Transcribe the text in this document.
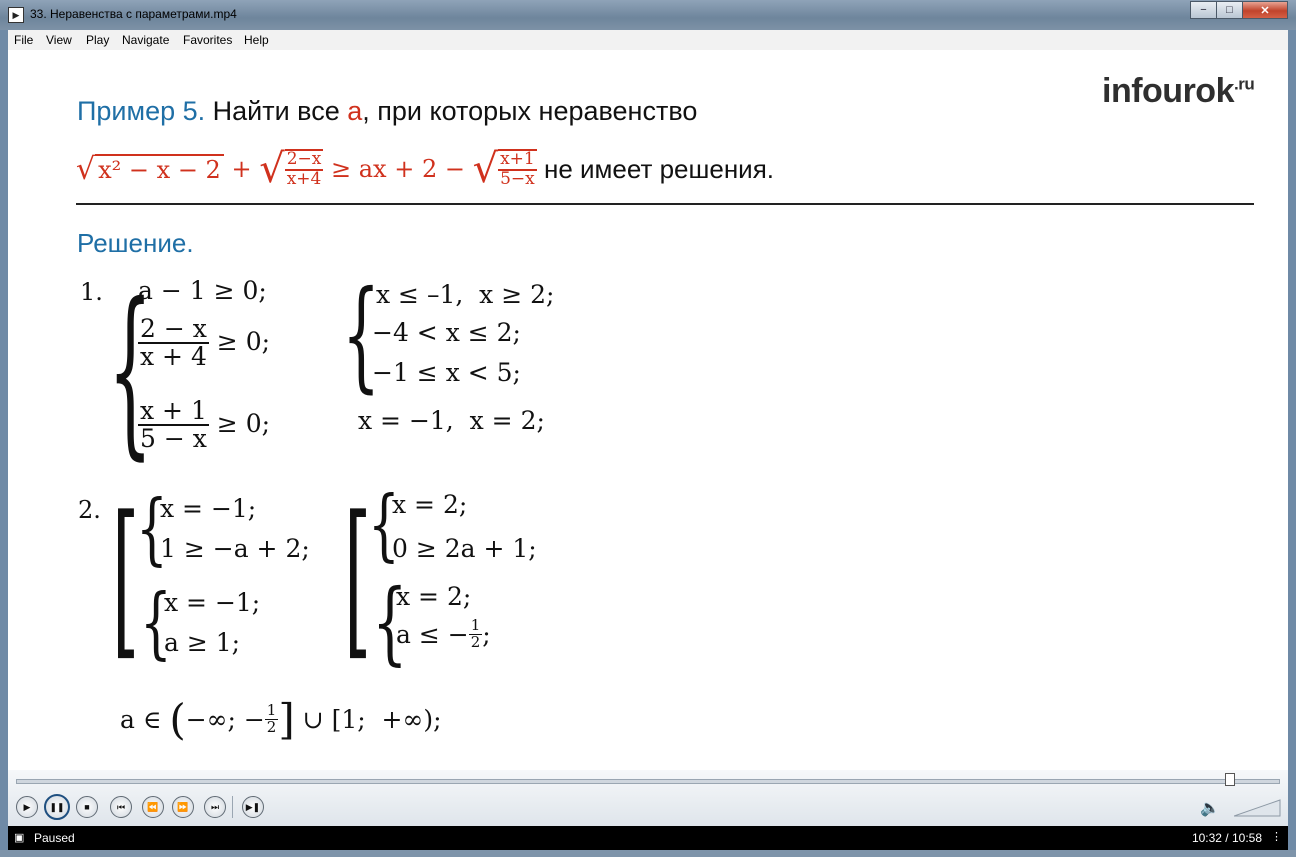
▶ 33. Неравенства с параметрами.mp4	−	□	✕
File View Play Navigate Favorites Help
infourok$^{.ru}$
Пример 5. Найти все a, при которых неравенство
√ x² − x − 2 + √ $\frac{2-x}{x+4}$ ≥ ax + 2 − √ $\frac{x+1}{5-x}$ не имеет решения.
Решение.
1. {
a − 1 ≥ 0;
$\frac{2 - x}{x + 4} \ge 0$;
$\frac{x + 1}{5 - x} \ge 0$;
{
x ≤ –1,  x ≥ 2;
−4 < x ≤ 2;
−1 ≤ x < 5;
x = −1,  x = 2;
2. [
{
x = −1;
1 ≥ −a + 2;
{
x = −1;
a ≥ 1; [
{
x = 2;
0 ≥ 2a + 1;
{
x = 2;
a ≤ − $\frac{1}{2}$ ;
a ∈ ( −∞; − $\frac{1}{2}$ ] ∪ [1;  +∞);
▶	❚❚	■	⏮	⏪	⏩	⏭	▶❚	🔈
▣ Paused	10:32 / 10:58 ⋮
